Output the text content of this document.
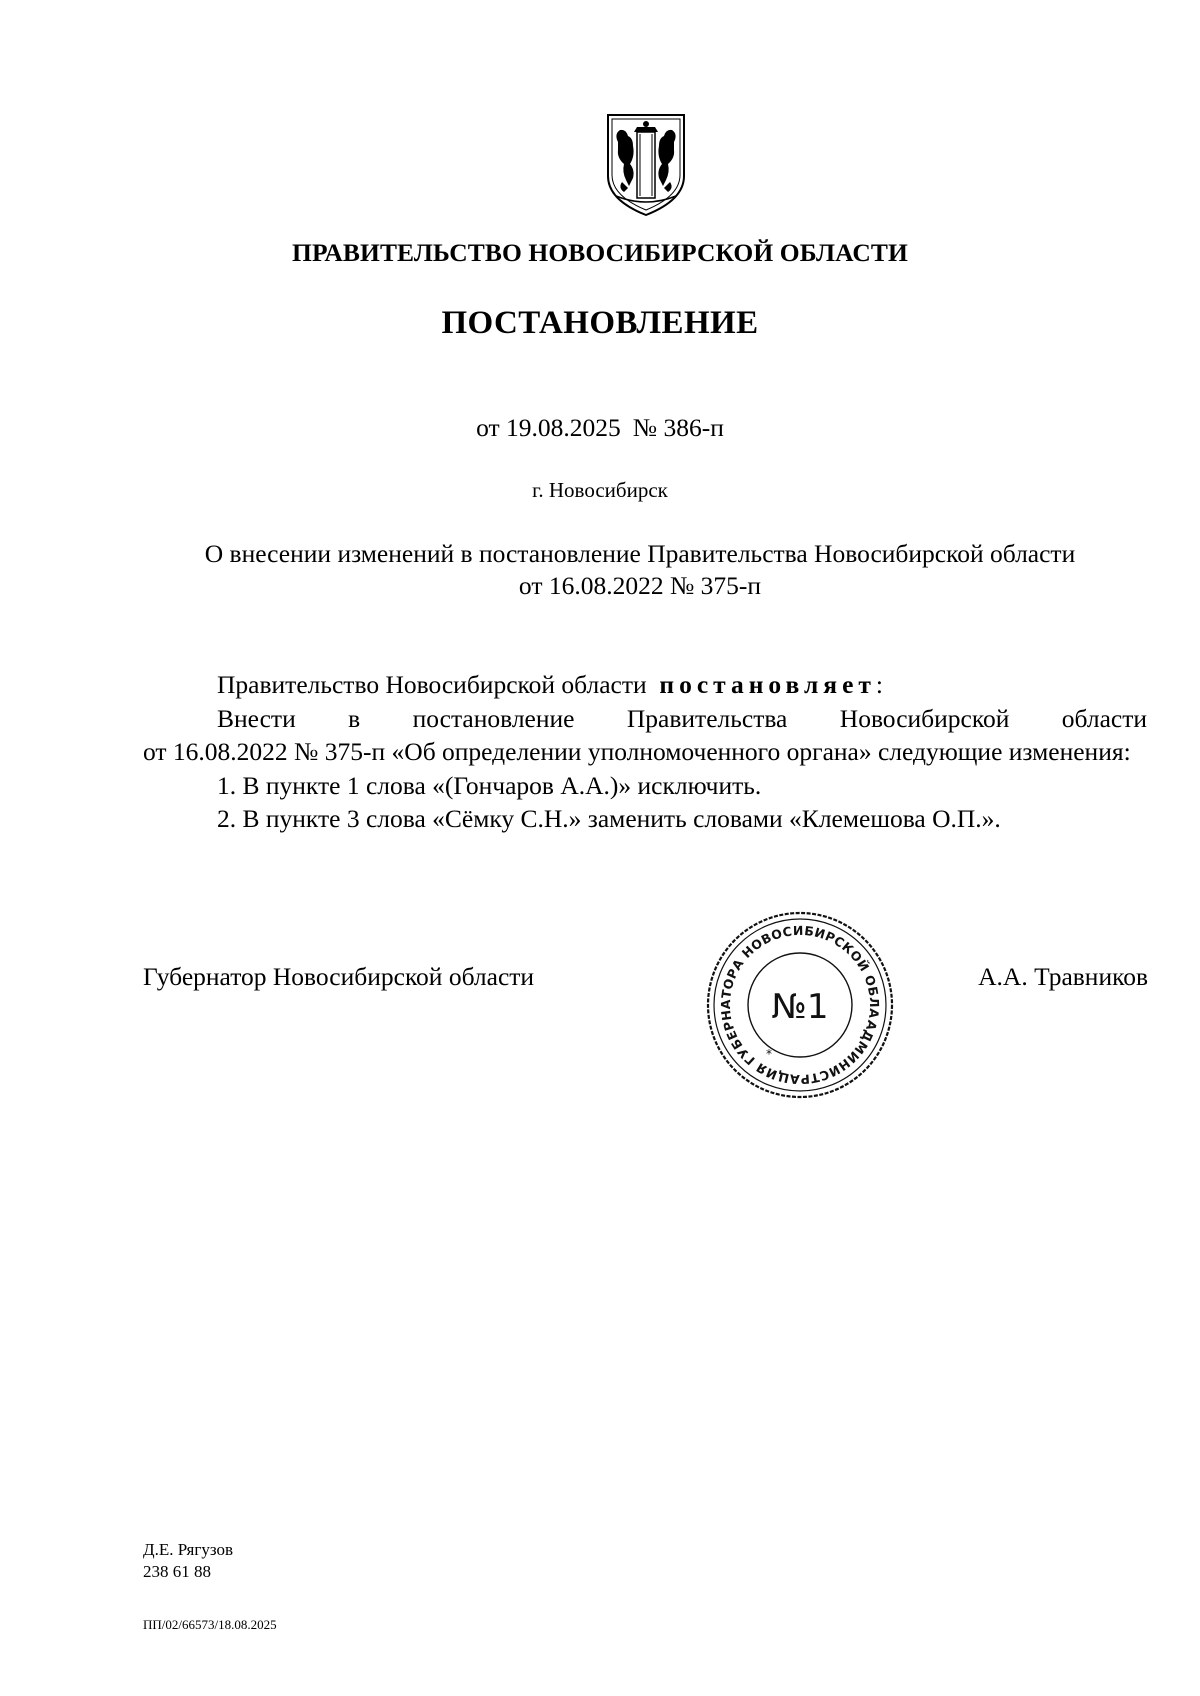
ПРАВИТЕЛЬСТВО НОВОСИБИРСКОЙ ОБЛАСТИ
ПОСТАНОВЛЕНИЕ
от 19.08.2025 № 386-п
г. Новосибирск
О внесении изменений в постановление Правительства Новосибирской области
от 16.08.2022 № 375-п

Правительство Новосибирской области постановляет:

Внести в постановление Правительства Новосибирской области

от 16.08.2022 № 375-п «Об определении уполномоченного органа» следующие изменения:

1. В пункте 1 слова «(Гончаров А.А.)» исключить.

2. В пункте 3 слова «Сёмку С.Н.» заменить словами «Клемешова О.П.».

Губернатор Новосибирской области
АДМИНИСТРАЦИЯ ГУБЕРНАТОРА НОВОСИБИРСКОЙ ОБЛАСТИ
№1
*
А.А. Травников
Д.Е. Рягузов
238 61 88
ПП/02/66573/18.08.2025
